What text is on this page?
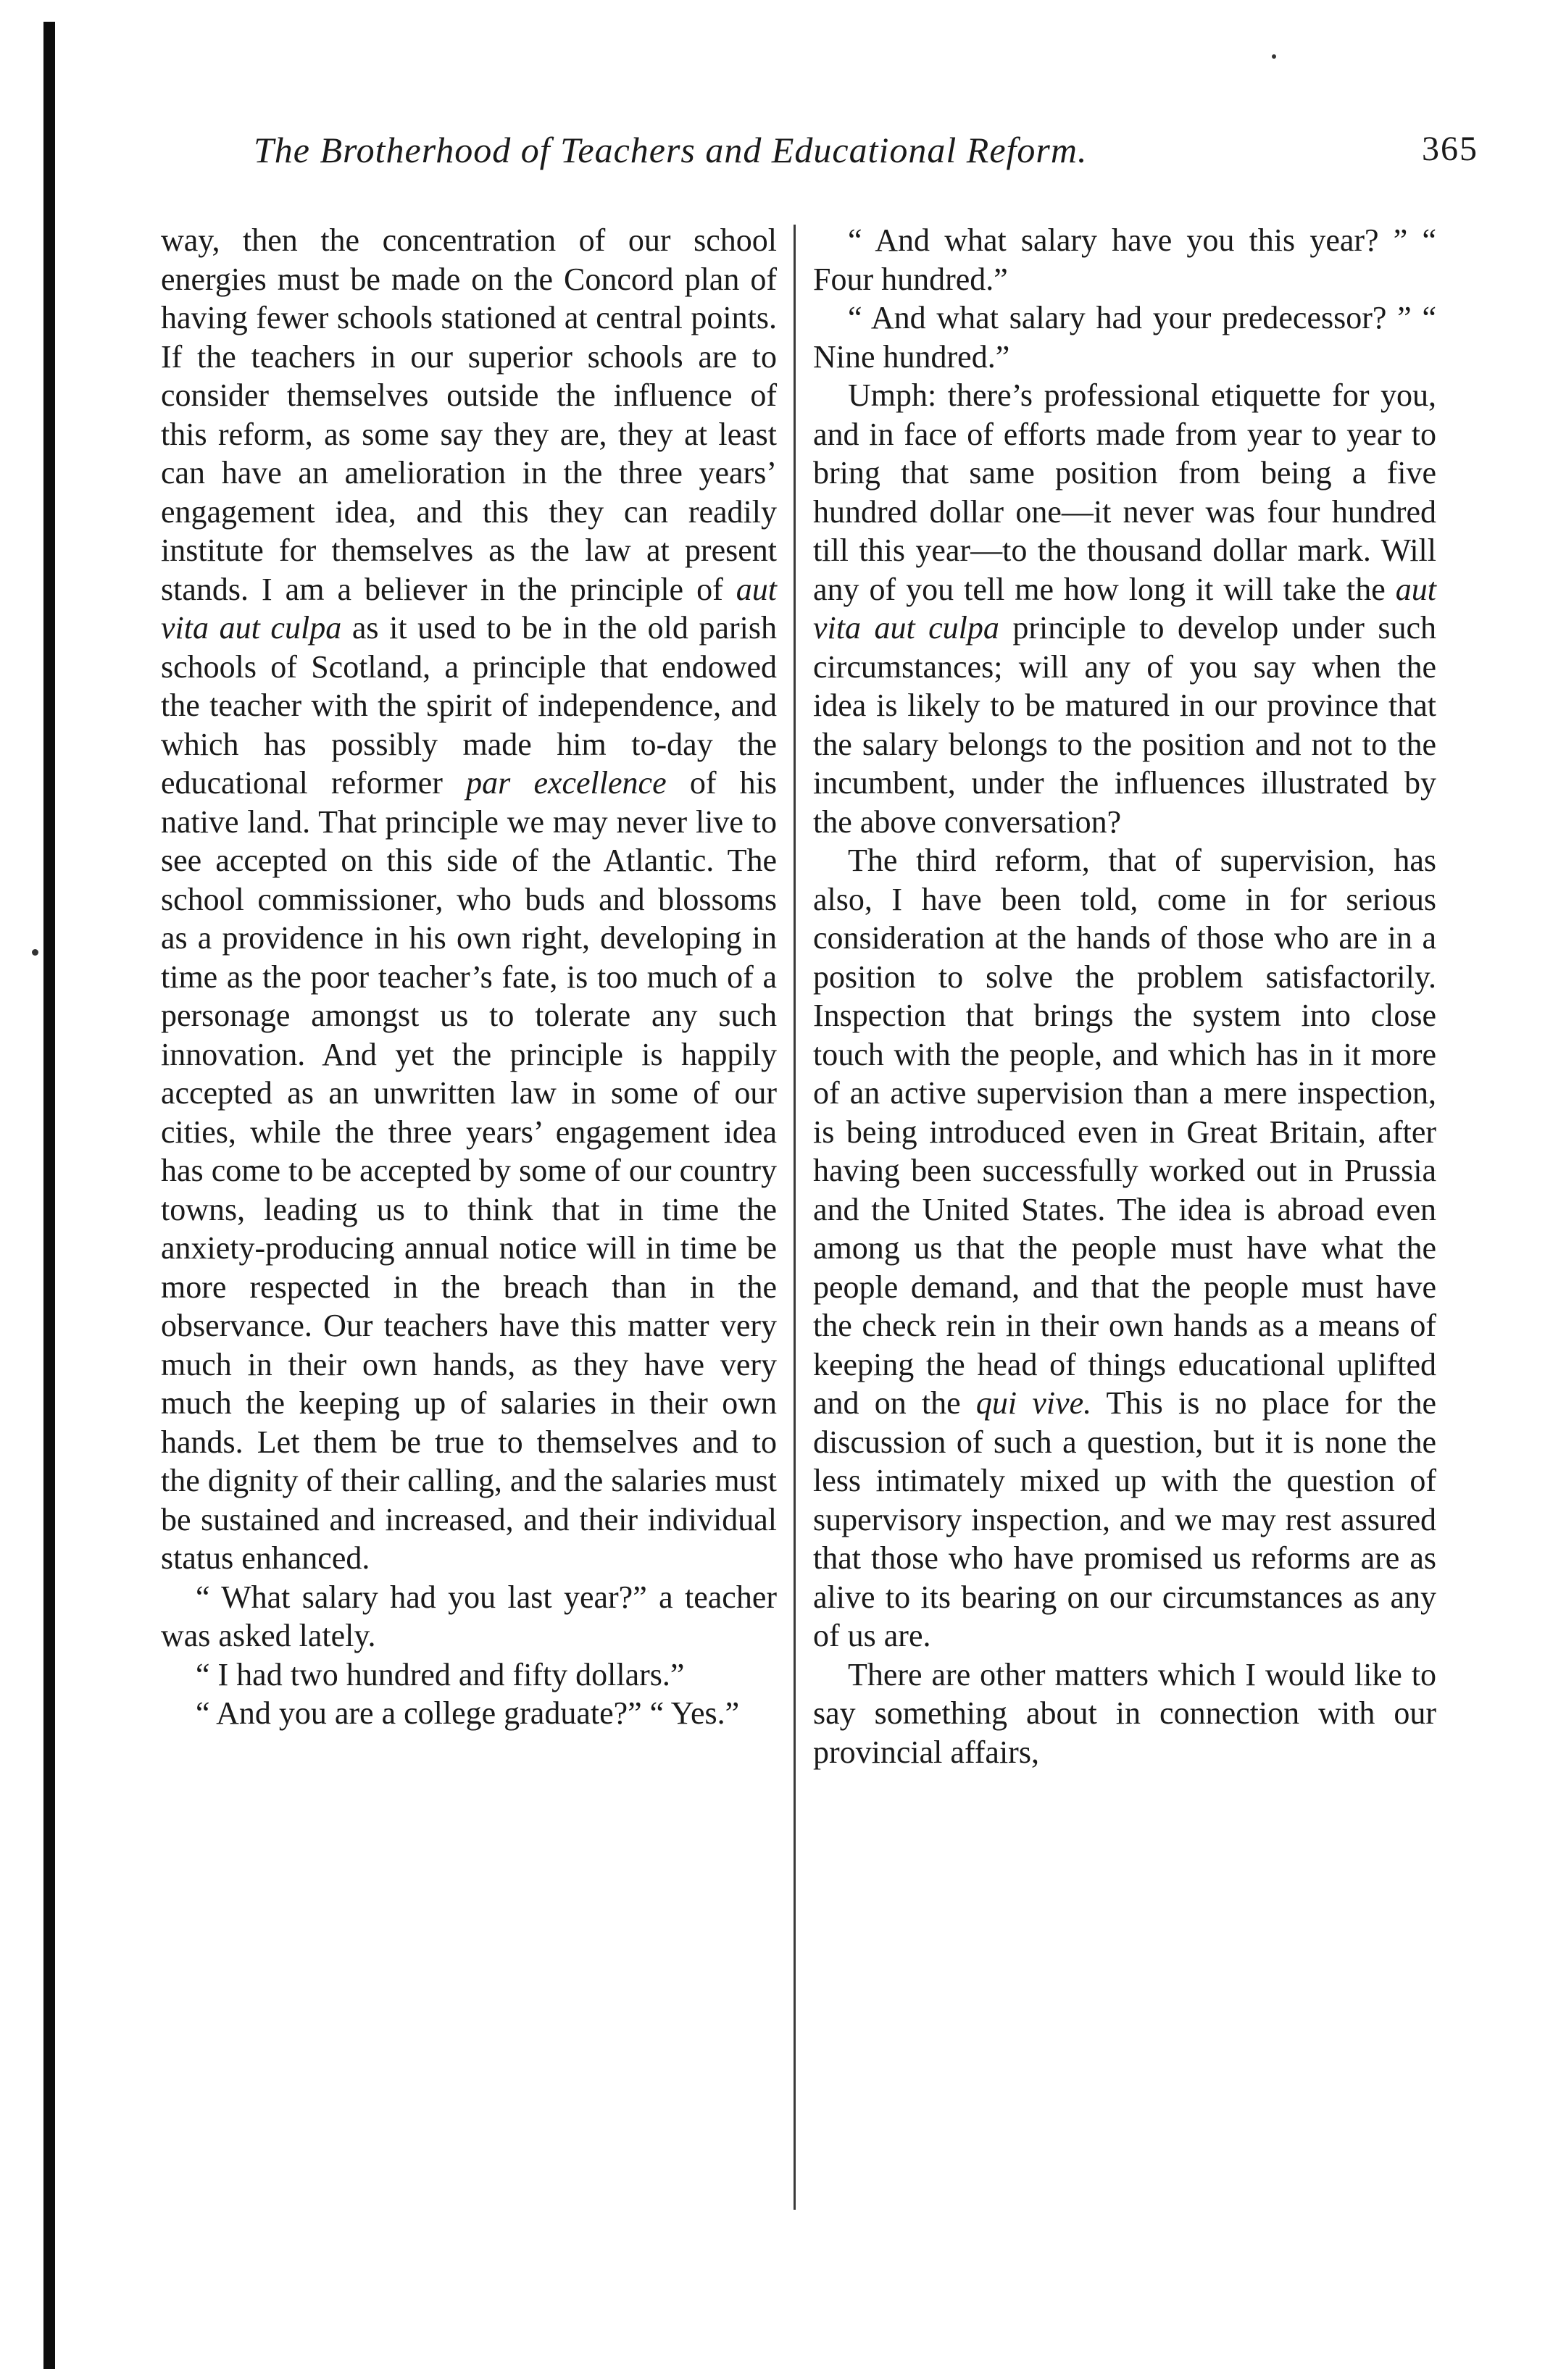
The Brotherhood of Teachers and Educational Reform.	365

way, then the concentration of our school energies must be made on the Concord plan of having fewer schools stationed at central points. If the teachers in our superior schools are to consider themselves outside the influence of this reform, as some say they are, they at least can have an amelioration in the three years’ engagement idea, and this they can readily institute for themselves as the law at present stands. I am a believer in the principle of aut vita aut culpa as it used to be in the old parish schools of Scotland, a principle that endowed the teacher with the spirit of independence, and which has possibly made him to-day the educational reformer par excellence of his native land. That principle we may never live to see accepted on this side of the Atlantic. The school commissioner, who buds and blossoms as a providence in his own right, developing in time as the poor teacher’s fate, is too much of a personage amongst us to tolerate any such innovation. And yet the principle is happily accepted as an unwritten law in some of our cities, while the three years’ engagement idea has come to be accepted by some of our country towns, leading us to think that in time the anxiety-producing annual notice will in time be more respected in the breach than in the observance. Our teachers have this matter very much in their own hands, as they have very much the keeping up of salaries in their own hands. Let them be true to themselves and to the dignity of their calling, and the salaries must be sustained and increased, and their individual status enhanced.

“ What salary had you last year?” a teacher was asked lately.

“ I had two hundred and fifty dollars.”

“ And you are a college graduate?” “ Yes.”

“ And what salary have you this year? ” “ Four hundred.”

“ And what salary had your predecessor? ” “ Nine hundred.”

Umph: there’s professional etiquette for you, and in face of efforts made from year to year to bring that same position from being a five hundred dollar one—it never was four hundred till this year—to the thousand dollar mark. Will any of you tell me how long it will take the aut vita aut culpa principle to develop under such circumstances; will any of you say when the idea is likely to be matured in our province that the salary belongs to the position and not to the incumbent, under the influences illustrated by the above conversation?

The third reform, that of supervision, has also, I have been told, come in for serious consideration at the hands of those who are in a position to solve the problem satisfactorily. Inspection that brings the system into close touch with the people, and which has in it more of an active supervision than a mere inspection, is being introduced even in Great Britain, after having been successfully worked out in Prussia and the United States. The idea is abroad even among us that the people must have what the people demand, and that the people must have the check rein in their own hands as a means of keeping the head of things educational uplifted and on the qui vive. This is no place for the discussion of such a question, but it is none the less intimately mixed up with the question of supervisory inspection, and we may rest assured that those who have promised us reforms are as alive to its bearing on our circumstances as any of us are.

There are other matters which I would like to say something about in connection with our provincial affairs,
